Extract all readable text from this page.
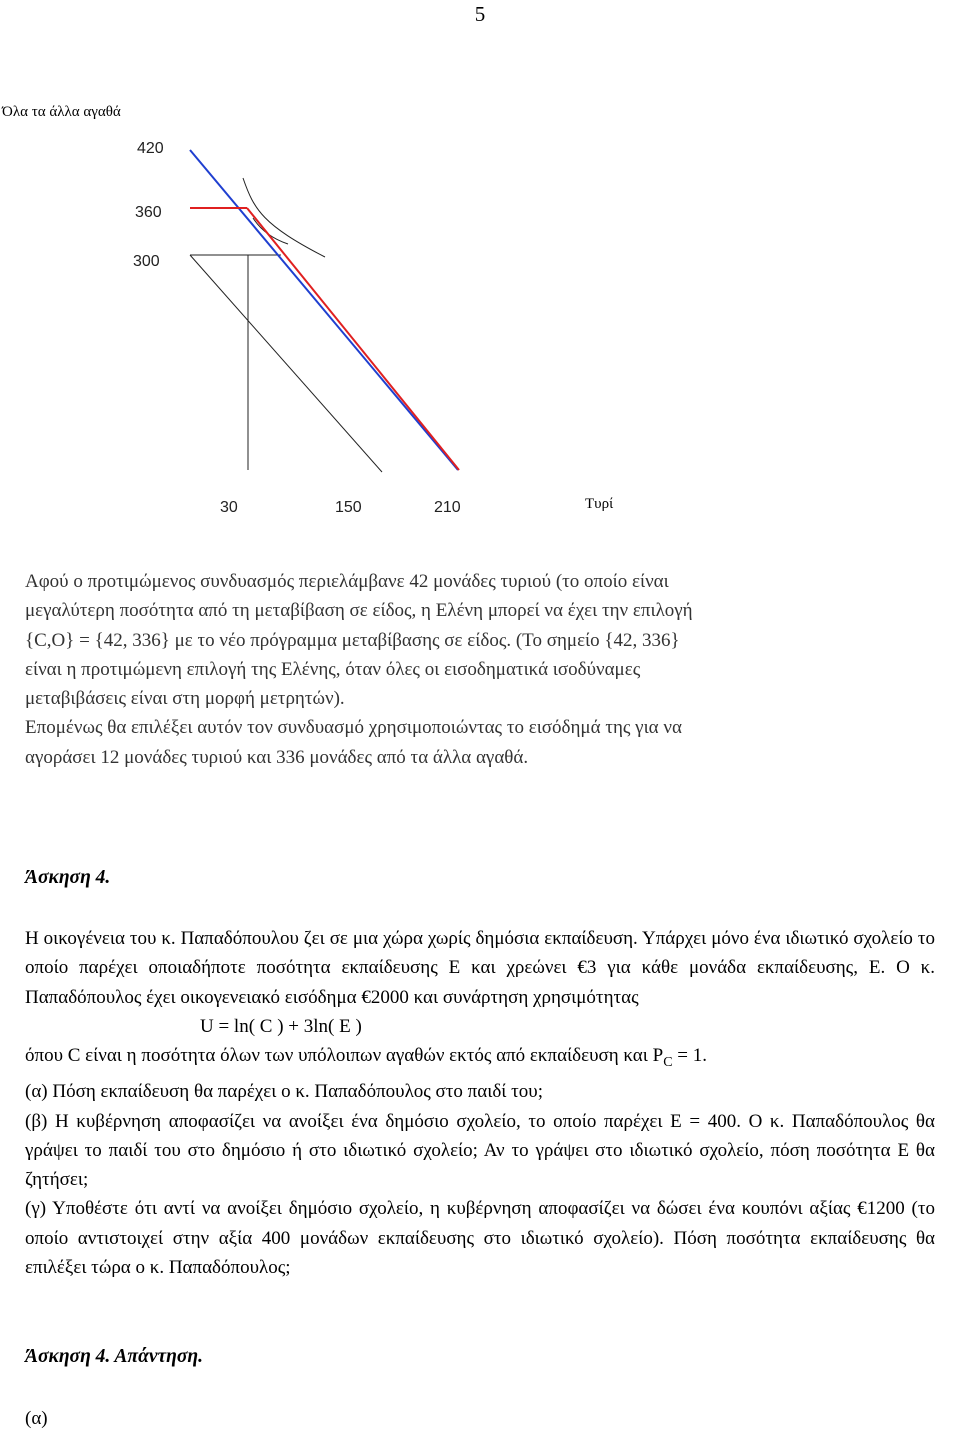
5
Όλα τα άλλα αγαθά
Τυρί
420
360
300
30	150	210
Αφού ο προτιμώμενος συνδυασμός περιελάμβανε 42 μονάδες τυριού (το οποίο είναι
μεγαλύτερη ποσότητα από τη μεταβίβαση σε είδος, η Ελένη μπορεί να έχει την επιλογή
{C,O} = {42, 336} με το νέο πρόγραμμα μεταβίβασης σε είδος. (Το σημείο {42, 336}
είναι η προτιμώμενη επιλογή της Ελένης, όταν όλες οι εισοδηματικά ισοδύναμες
μεταβιβάσεις είναι στη μορφή μετρητών).
Επομένως θα επιλέξει αυτόν τον συνδυασμό χρησιμοποιώντας το εισόδημά της για να
αγοράσει 12 μονάδες τυριού και 336 μονάδες από τα άλλα αγαθά.
Άσκηση 4.
Η οικογένεια του κ. Παπαδόπουλου ζει σε μια χώρα χωρίς δημόσια εκπαίδευση. Υπάρχει μόνο ένα ιδιωτικό σχολείο το οποίο παρέχει οποιαδήποτε ποσότητα εκπαίδευσης E και χρεώνει €3 για κάθε μονάδα εκπαίδευσης, E. O κ. Παπαδόπουλος έχει οικογενειακό εισόδημα €2000 και συνάρτηση χρησιμότητας
U = ln( C ) + 3ln( E )
όπου C είναι η ποσότητα όλων των υπόλοιπων αγαθών εκτός από εκπαίδευση και $P_C = 1$.
(α) Πόση εκπαίδευση θα παρέχει ο κ. Παπαδόπουλος στο παιδί του;
(β) Η κυβέρνηση αποφασίζει να ανοίξει ένα δημόσιο σχολείο, το οποίο παρέχει E = 400. O κ. Παπαδόπουλος θα γράψει το παιδί του στο δημόσιο ή στο ιδιωτικό σχολείο; Αν το γράψει στο ιδιωτικό σχολείο, πόση ποσότητα E θα ζητήσει;
(γ) Υποθέστε ότι αντί να ανοίξει δημόσιο σχολείο, η κυβέρνηση αποφασίζει να δώσει ένα κουπόνι αξίας €1200 (το οποίο αντιστοιχεί στην αξία 400 μονάδων εκπαίδευσης στο ιδιωτικό σχολείο). Πόση ποσότητα εκπαίδευσης θα επιλέξει τώρα ο κ. Παπαδόπουλος;
Άσκηση 4. Απάντηση.
(α)
